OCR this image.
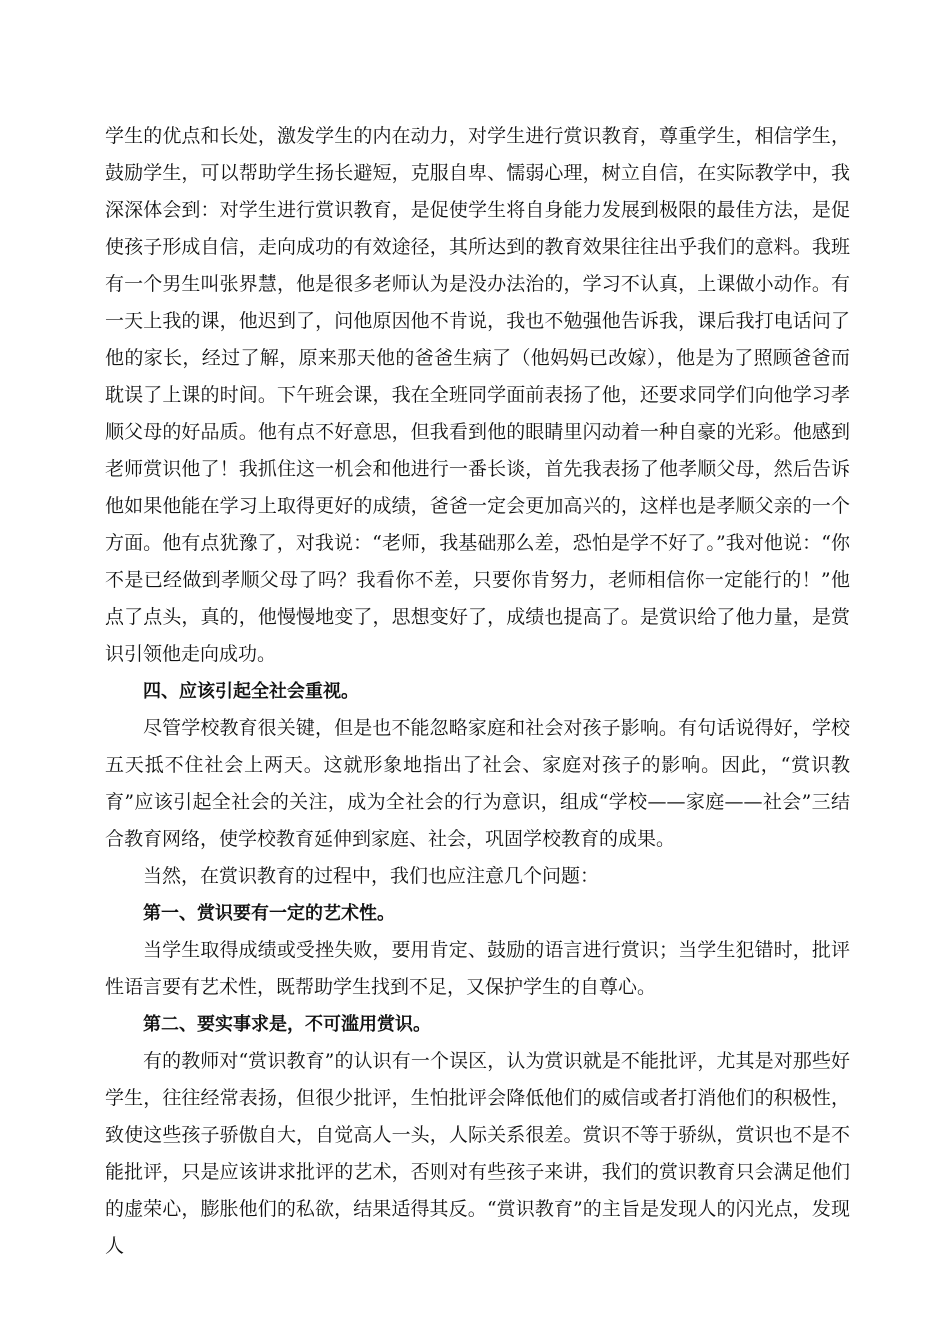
学生的优点和长处，激发学生的内在动力，对学生进行赏识教育，尊重学生，相信学生，鼓励学生，可以帮助学生扬长避短，克服自卑、懦弱心理，树立自信，在实际教学中，我深深体会到：对学生进行赏识教育，是促使学生将自身能力发展到极限的最佳方法，是促使孩子形成自信，走向成功的有效途径，其所达到的教育效果往往出乎我们的意料。我班有一个男生叫张界慧，他是很多老师认为是没办法治的，学习不认真，上课做小动作。有一天上我的课，他迟到了，问他原因他不肯说，我也不勉强他告诉我，课后我打电话问了他的家长，经过了解，原来那天他的爸爸生病了（他妈妈已改嫁），他是为了照顾爸爸而耽误了上课的时间。下午班会课，我在全班同学面前表扬了他，还要求同学们向他学习孝顺父母的好品质。他有点不好意思，但我看到他的眼睛里闪动着一种自豪的光彩。他感到老师赏识他了！我抓住这一机会和他进行一番长谈，首先我表扬了他孝顺父母，然后告诉他如果他能在学习上取得更好的成绩，爸爸一定会更加高兴的，这样也是孝顺父亲的一个方面。他有点犹豫了，对我说：“老师，我基础那么差，恐怕是学不好了。”我对他说：“你不是已经做到孝顺父母了吗？我看你不差，只要你肯努力，老师相信你一定能行的！”他点了点头，真的，他慢慢地变了，思想变好了，成绩也提高了。是赏识给了他力量，是赏识引领他走向成功。

四、应该引起全社会重视。

尽管学校教育很关键，但是也不能忽略家庭和社会对孩子影响。有句话说得好，学校五天抵不住社会上两天。这就形象地指出了社会、家庭对孩子的影响。因此，“赏识教育”应该引起全社会的关注，成为全社会的行为意识，组成“学校——家庭——社会”三结合教育网络，使学校教育延伸到家庭、社会，巩固学校教育的成果。

当然，在赏识教育的过程中，我们也应注意几个问题：

第一、赏识要有一定的艺术性。

当学生取得成绩或受挫失败，要用肯定、鼓励的语言进行赏识；当学生犯错时，批评性语言要有艺术性，既帮助学生找到不足，又保护学生的自尊心。

第二、要实事求是，不可滥用赏识。

有的教师对“赏识教育”的认识有一个误区，认为赏识就是不能批评，尤其是对那些好学生，往往经常表扬，但很少批评，生怕批评会降低他们的威信或者打消他们的积极性，致使这些孩子骄傲自大，自觉高人一头，人际关系很差。赏识不等于骄纵，赏识也不是不能批评，只是应该讲求批评的艺术，否则对有些孩子来讲，我们的赏识教育只会满足他们的虚荣心，膨胀他们的私欲，结果适得其反。“赏识教育”的主旨是发现人的闪光点，发现人
